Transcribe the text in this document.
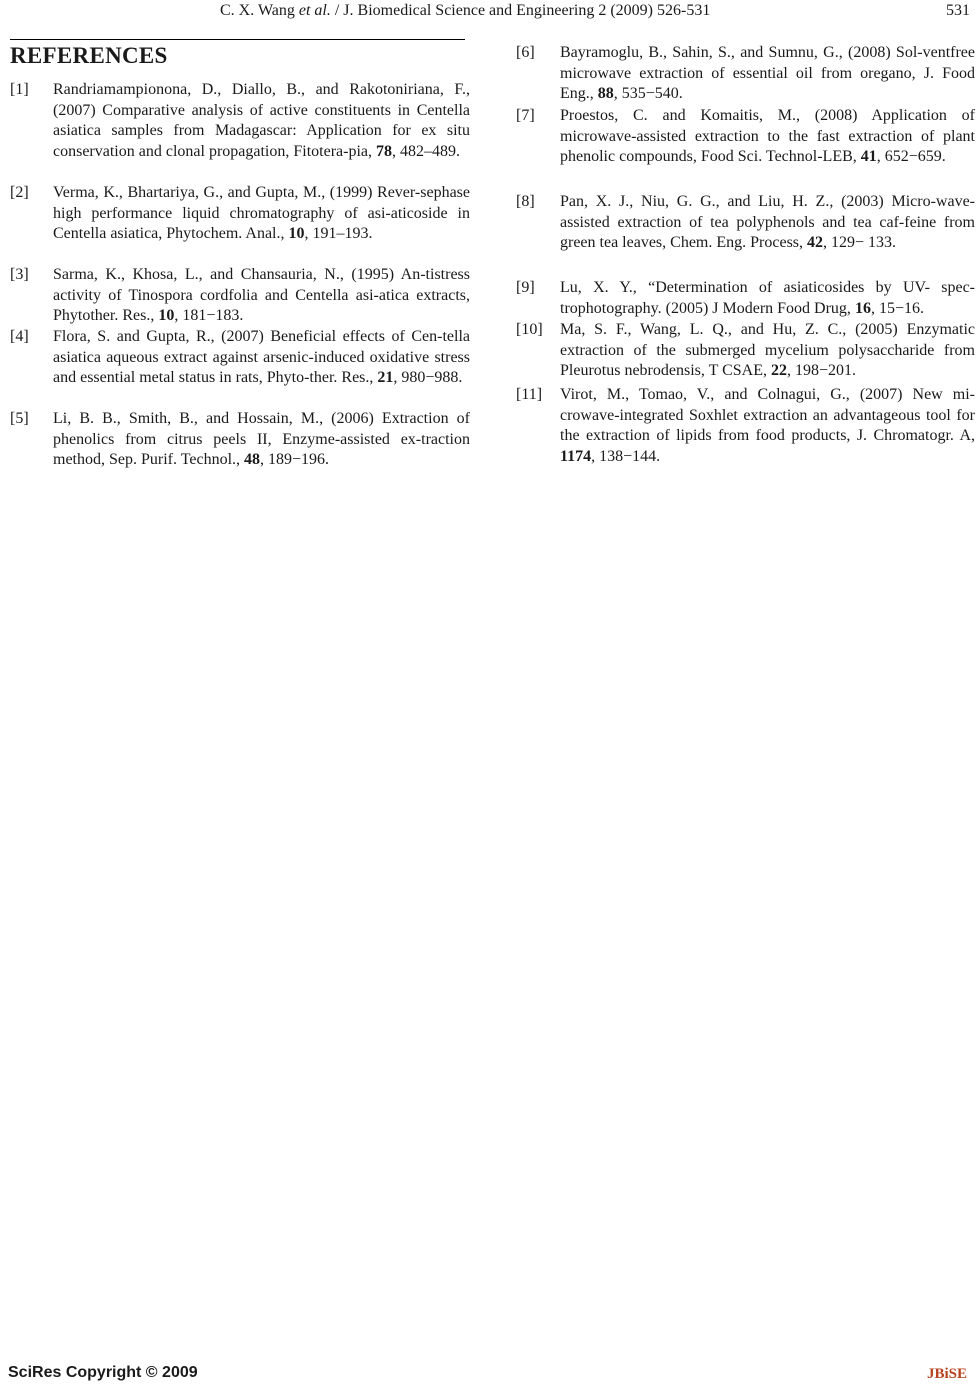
C. X. Wang et al. / J. Biomedical Science and Engineering 2 (2009) 526-531	531
REFERENCES
[1] Randriamampionona, D., Diallo, B., and Rakotoniriana, F., (2007) Comparative analysis of active constituents in Centella asiatica samples from Madagascar: Application for ex situ conservation and clonal propagation, Fitotera-pia, 78, 482–489.
[2] Verma, K., Bhartariya, G., and Gupta, M., (1999) Rever-sephase high performance liquid chromatography of asi-aticoside in Centella asiatica, Phytochem. Anal., 10, 191–193.
[3] Sarma, K., Khosa, L., and Chansauria, N., (1995) An-tistress activity of Tinospora cordfolia and Centella asi-atica extracts, Phytother. Res., 10, 181−183.
[4] Flora, S. and Gupta, R., (2007) Beneficial effects of Cen-tella asiatica aqueous extract against arsenic-induced oxidative stress and essential metal status in rats, Phyto-ther. Res., 21, 980−988.
[5] Li, B. B., Smith, B., and Hossain, M., (2006) Extraction of phenolics from citrus peels II, Enzyme-assisted ex-traction method, Sep. Purif. Technol., 48, 189−196.
[6] Bayramoglu, B., Sahin, S., and Sumnu, G., (2008) Sol-ventfree microwave extraction of essential oil from oregano, J. Food Eng., 88, 535−540.
[7] Proestos, C. and Komaitis, M., (2008) Application of microwave-assisted extraction to the fast extraction of plant phenolic compounds, Food Sci. Technol-LEB, 41, 652−659.
[8] Pan, X. J., Niu, G. G., and Liu, H. Z., (2003) Micro-wave-assisted extraction of tea polyphenols and tea caf-feine from green tea leaves, Chem. Eng. Process, 42, 129− 133.
[9] Lu, X. Y., “Determination of asiaticosides by UV- spec-trophotography. (2005) J Modern Food Drug, 16, 15−16.
[10] Ma, S. F., Wang, L. Q., and Hu, Z. C., (2005) Enzymatic extraction of the submerged mycelium polysaccharide from Pleurotus nebrodensis, T CSAE, 22, 198−201.
[11] Virot, M., Tomao, V., and Colnagui, G., (2007) New mi-crowave-integrated Soxhlet extraction an advantageous tool for the extraction of lipids from food products, J. Chromatogr. A, 1174, 138−144.
SciRes Copyright © 2009	JBiSE
